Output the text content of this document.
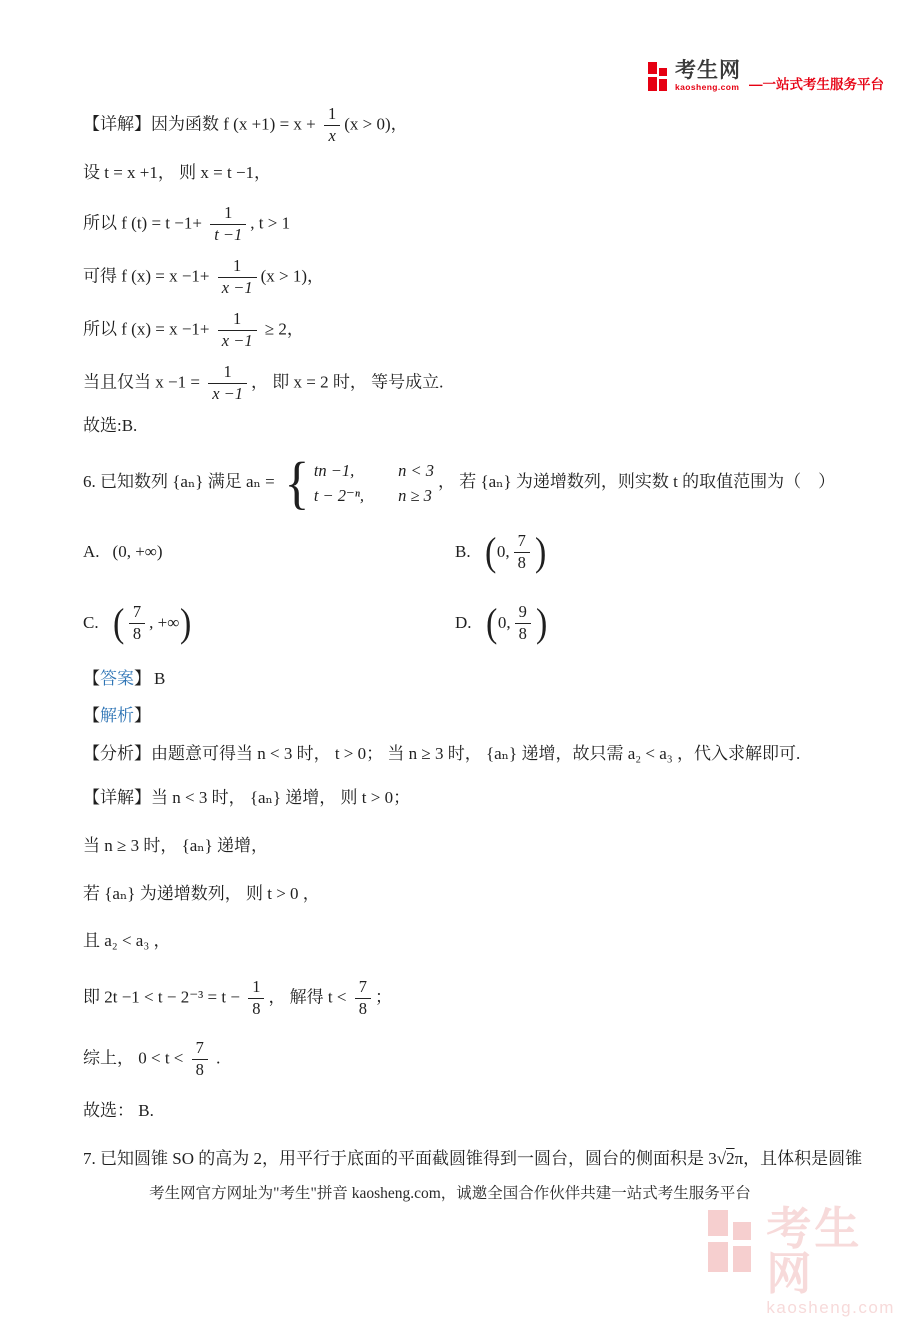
考生网
kaosheng.com —一站式考生服务平台
【详解】因为函数 f $(x +1) = x + \frac{1}{x} (x > 0)$，
设 t = x +1， 则 x = t −1，
所以 f $(t) = t -1+ \frac{1}{t -1}$ , t > 1
可得 f $(x) = x -1+ \frac{1}{x -1} (x > 1)$，
所以 f $(x) = x -1+ \frac{1}{x -1} \ge 2$，
当且仅当 $x -1 = \frac{1}{x -1}$ ， 即 x = 2 时， 等号成立.
故选:B.
6. 已知数列 {aₙ} 满足 aₙ = { tn −1,	n < 3
t − 2⁻ⁿ, n ≥ 3
， 若 {aₙ} 为递增数列，则实数 t 的取值范围为（　）
A. (0, +∞)	B. ( 0, $\frac{7}{8}$ )
C. ( $\frac{7}{8}$ , +∞ )	D. ( 0, $\frac{9}{8}$ )
【答案】 B
【解析】
【分析】由题意可得当 n < 3 时， t > 0； 当 n ≥ 3 时， {aₙ} 递增，故只需 a₂ < a₃ ，代入求解即可.
【详解】当 n < 3 时， {aₙ} 递增， 则 t > 0；
当 n ≥ 3 时， {aₙ} 递增，
若 {aₙ} 为递增数列， 则 t > 0 ，
且 a₂ < a₃ ，
即 $2t -1 < t - 2^{-3} = t - \frac{1}{8}$ ， 解得 $t < \frac{7}{8}$ ；
综上， $0 < t < \frac{7}{8}$ .
故选： B.
7. 已知圆锥 SO 的高为 2，用平行于底面的平面截圆锥得到一圆台，圆台的侧面积是 3√2π，且体积是圆锥
考生网官方网址为"考生"拼音 kaosheng.com，诚邀全国合作伙伴共建一站式考生服务平台
考生网
kaosheng.com
